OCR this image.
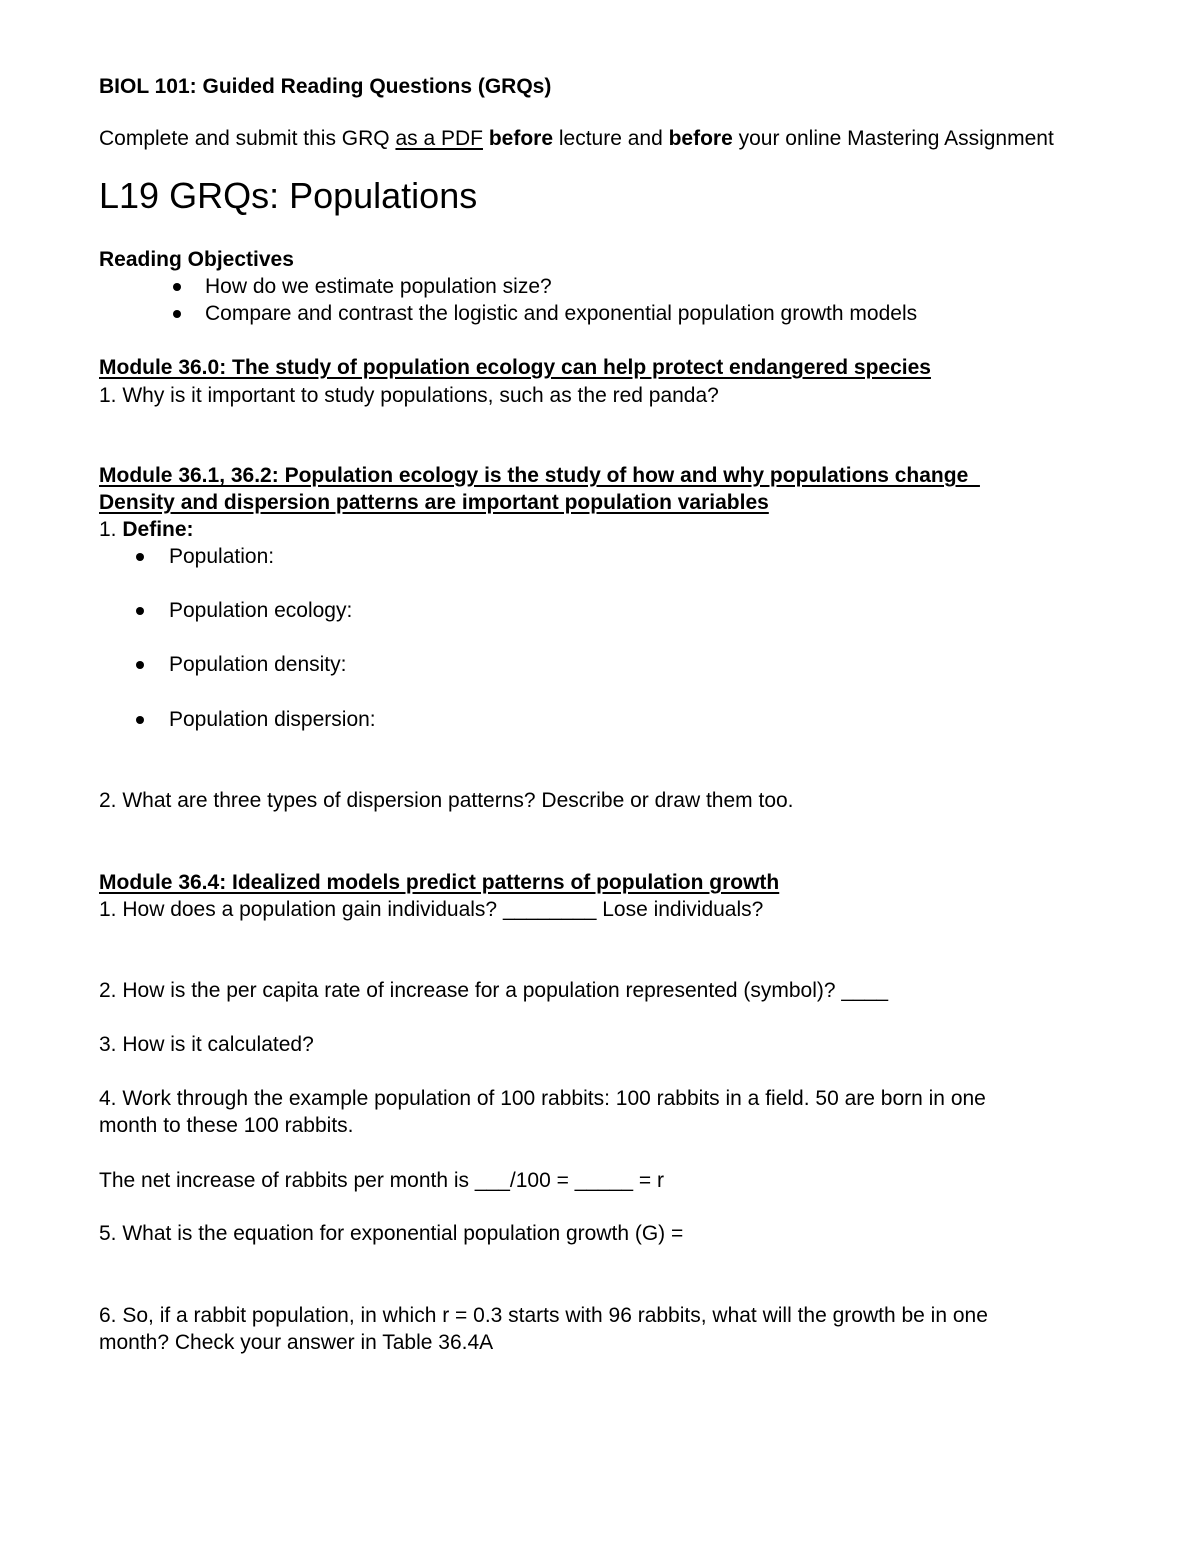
BIOL 101: Guided Reading Questions (GRQs)
Complete and submit this GRQ as a PDF before lecture and before your online Mastering Assignment
L19 GRQs: Populations
Reading Objectives
How do we estimate population size?
Compare and contrast the logistic and exponential population growth models
Module 36.0: The study of population ecology can help protect endangered species
1. Why is it important to study populations, such as the red panda?
Module 36.1, 36.2: Population ecology is the study of how and why populations change
Density and dispersion patterns are important population variables
1. Define:
Population:
Population ecology:
Population density:
Population dispersion:
2. What are three types of dispersion patterns? Describe or draw them too.
Module 36.4: Idealized models predict patterns of population growth
1. How does a population gain individuals? ________ Lose individuals?
2. How is the per capita rate of increase for a population represented (symbol)? ____
3. How is it calculated?
4. Work through the example population of 100 rabbits: 100 rabbits in a field. 50 are born in one
month to these 100 rabbits.
The net increase of rabbits per month is ___/100 = _____ = r
5. What is the equation for exponential population growth (G) =
6. So, if a rabbit population, in which r = 0.3 starts with 96 rabbits, what will the growth be in one
month? Check your answer in Table 36.4A
